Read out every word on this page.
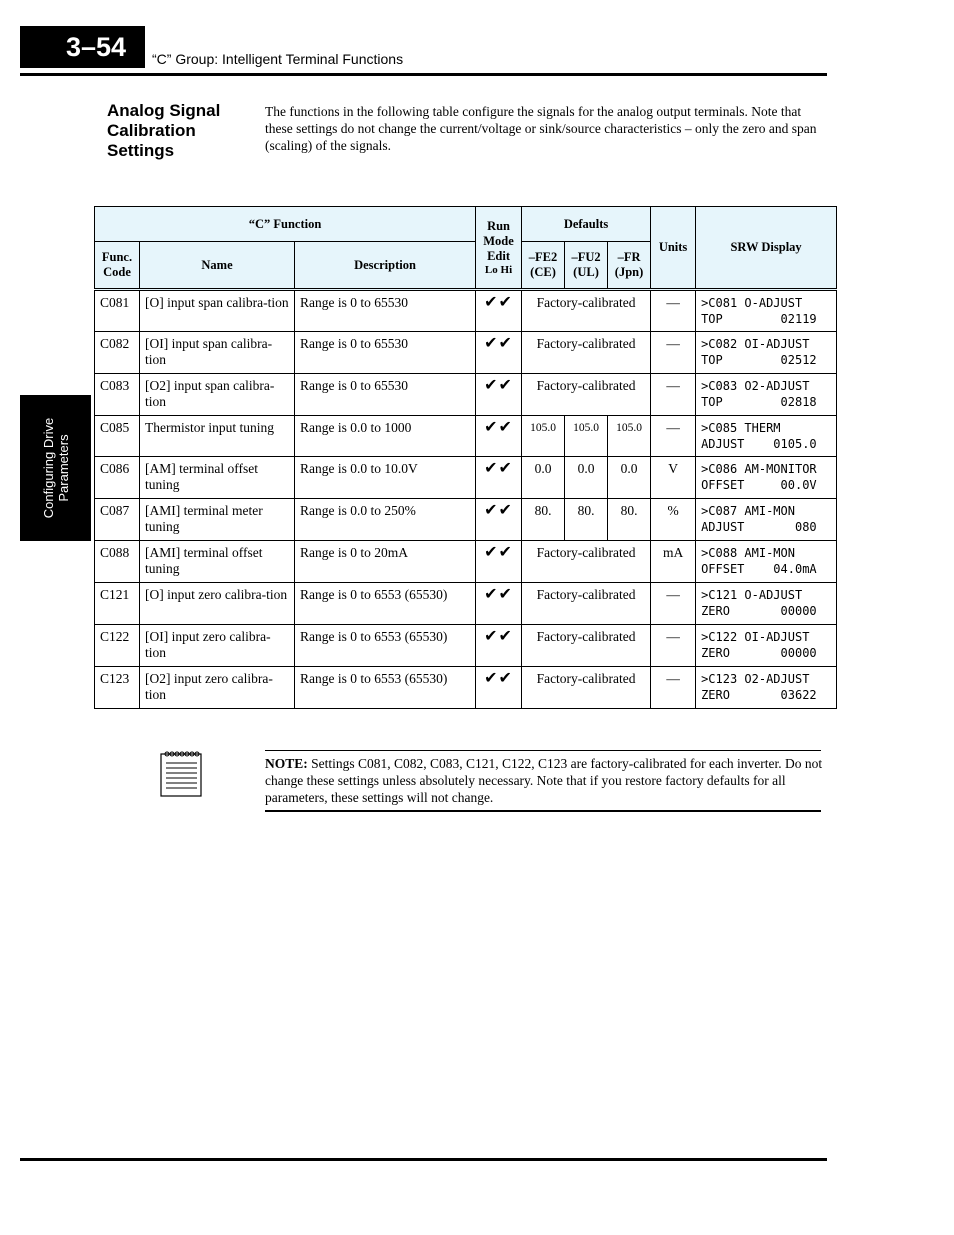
3–54	“C” Group: Intelligent Terminal Functions
Configuring Drive Parameters
Analog Signal
Calibration
Settings
The functions in the following table configure the signals for the analog output terminals. Note that these settings do not change the current/voltage or sink/source characteristics – only the zero and span (scaling) of the signals.
“C” Function			Run
Mode
Edit
Lo Hi	Defaults			Units	SRW Display
Func.
Code	Name	Description		–FE2
(CE)	–FU2
(UL)	–FR
(Jpn)		
C081	[O] input span calibra-tion	Range is 0 to 65530	✔✔	Factory-calibrated			—	>C081 O-ADJUST
TOP        02119

C082	[OI] input span calibra-tion	Range is 0 to 65530	✔✔	Factory-calibrated			—	>C082 OI-ADJUST
TOP        02512

C083	[O2] input span calibra-tion	Range is 0 to 65530	✔✔	Factory-calibrated			—	>C083 O2-ADJUST
TOP        02818

C085	Thermistor input tuning	Range is 0.0 to 1000	✔✔	105.0	105.0	105.0	—	>C085 THERM
ADJUST    0105.0

C086	[AM] terminal offset tuning	Range is 0.0 to 10.0V	✔✔	0.0	0.0	0.0	V	>C086 AM-MONITOR
OFFSET     00.0V

C087	[AMI] terminal meter tuning	Range is 0.0 to 250%	✔✔	80.	80.	80.	%	>C087 AMI-MON
ADJUST       080

C088	[AMI] terminal offset tuning	Range is 0 to 20mA	✔✔	Factory-calibrated			mA	>C088 AMI-MON
OFFSET    04.0mA

C121	[O] input zero calibra-tion	Range is 0 to 6553 (65530)	✔✔	Factory-calibrated			—	>C121 O-ADJUST
ZERO       00000

C122	[OI] input zero calibra-tion	Range is 0 to 6553 (65530)	✔✔	Factory-calibrated			—	>C122 OI-ADJUST
ZERO       00000

C123	[O2] input zero calibra-tion	Range is 0 to 6553 (65530)	✔✔	Factory-calibrated			—	>C123 O2-ADJUST
ZERO       03622
NOTE: Settings C081, C082, C083, C121, C122, C123 are factory-calibrated for each inverter. Do not change these settings unless absolutely necessary. Note that if you restore factory defaults for all parameters, these settings will not change.
